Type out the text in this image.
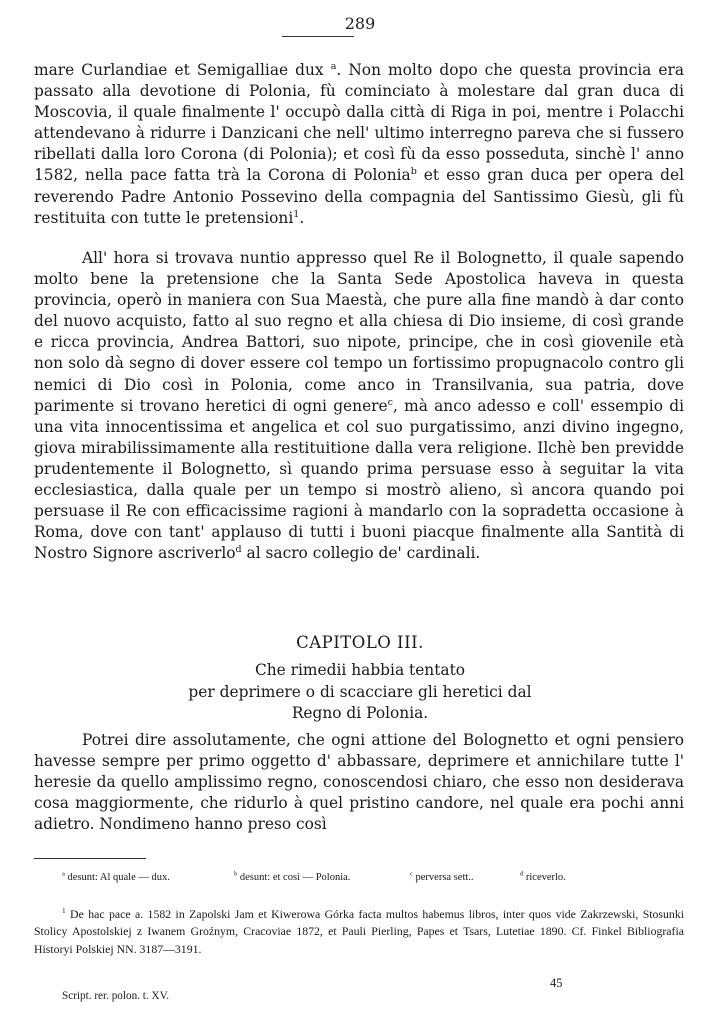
289

mare Curlandiae et Semigalliae dux $^a$. Non molto dopo che questa provincia era passato alla devotione di Polonia, fù cominciato à molestare dal gran duca di Moscovia, il quale finalmente l' occupò dalla città di Riga in poi, mentre i Polacchi attendevano à ridurre i Danzicani che nell' ultimo interregno pareva che si fussero ribellati dalla loro Corona (di Polonia); et così fù da esso posseduta, sinchè l' anno 1582, nella pace fatta trà la Corona di Polonia$^b$ et esso gran duca per opera del reverendo Padre Antonio Possevino della compagnia del Santissimo Giesù, gli fù restituita con tutte le pretensioni$^1$.

All' hora si trovava nuntio appresso quel Re il Bolognetto, il quale sapendo molto bene la pretensione che la Santa Sede Apostolica haveva in questa provincia, operò in maniera con Sua Maestà, che pure alla fine mandò à dar conto del nuovo acquisto, fatto al suo regno et alla chiesa di Dio insieme, di così grande e ricca provincia, Andrea Battori, suo nipote, principe, che in così giovenile età non solo dà segno di dover essere col tempo un fortissimo propugnacolo contro gli nemici di Dio così in Polonia, come anco in Transilvania, sua patria, dove parimente si trovano heretici di ogni genere$^c$, mà anco adesso e coll' essempio di una vita innocentissima et angelica et col suo purgatissimo, anzi divino ingegno, giova mirabilissimamente alla restituitione dalla vera religione. Ilchè ben previdde prudentemente il Bolognetto, sì quando prima persuase esso à seguitar la vita ecclesiastica, dalla quale per un tempo si mostrò alieno, sì ancora quando poi persuase il Re con efficacissime ragioni à mandarlo con la sopradetta occasione à Roma, dove con tant' applauso di tutti i buoni piacque finalmente alla Santità di Nostro Signore ascriverlo$^d$ al sacro collegio de' cardinali.

CAPITOLO III.
Che rimedii habbia tentato
per deprimere o di scacciare gli heretici dal
Regno di Polonia.

Potrei dire assolutamente, che ogni attione del Bolognetto et ogni pensiero havesse sempre per primo oggetto d' abbassare, deprimere et annichilare tutte l' heresie da quello amplissimo regno, conoscendosi chiaro, che esso non desiderava cosa maggiormente, che ridurlo à quel pristino candore, nel quale era pochi anni adietro. Nondimeno hanno preso così

$^a$ desunt: Al quale — dux.	$^b$ desunt: et così — Polonia.	$^c$ perversa sett..	$^d$ riceverlo.

$^1$ De hac pace a. 1582 in Zapolski Jam et Kiwerowa Górka facta multos habemus libros, inter quos vide Zakrzewski, Stosunki Stolicy Apostolskiej z Iwanem Groźnym, Cracoviae 1872, et Pauli Pierling, Papes et Tsars, Lutetiae 1890. Cf. Finkel Bibliografia Historyi Polskiej NN. 3187—3191.

Script. rer. polon. t. XV.
45
